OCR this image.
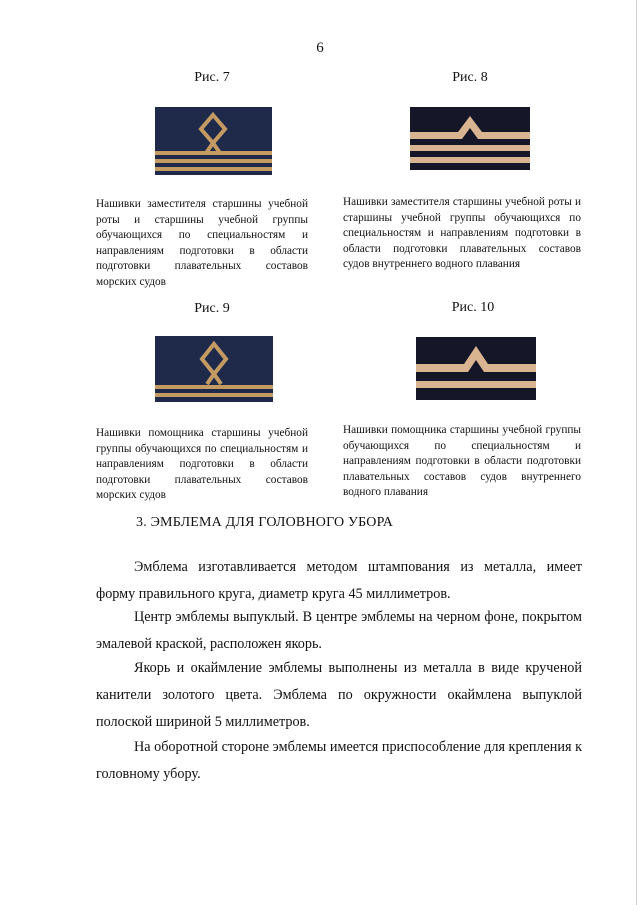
6
Рис. 7
Нашивки заместителя старшины учебной роты и старшины учебной группы обучающихся по специальностям и направлениям подготовки в области подготовки плавательных составов морских судов
Рис. 8
Нашивки заместителя старшины учебной роты и старшины учебной группы обучающихся по специальностям и направлениям подготовки в области подготовки плавательных составов судов внутреннего водного плавания
Рис. 9
Нашивки помощника старшины учебной группы обучающихся по специальностям и направлениям подготовки в области подготовки плавательных составов морских судов
Рис. 10
Нашивки помощника старшины учебной группы обучающихся по специальностям и направлениям подготовки в области подготовки плавательных составов судов внутреннего водного плавания
3. ЭМБЛЕМА ДЛЯ ГОЛОВНОГО УБОРА

Эмблема изготавливается методом штампования из металла, имеет форму правильного круга, диаметр круга 45 миллиметров.

Центр эмблемы выпуклый. В центре эмблемы на черном фоне, покрытом эмалевой краской, расположен якорь.

Якорь и окаймление эмблемы выполнены из металла в виде крученой канители золотого цвета. Эмблема по окружности окаймлена выпуклой полоской шириной 5 миллиметров.

На оборотной стороне эмблемы имеется приспособление для крепления к головному убору.
